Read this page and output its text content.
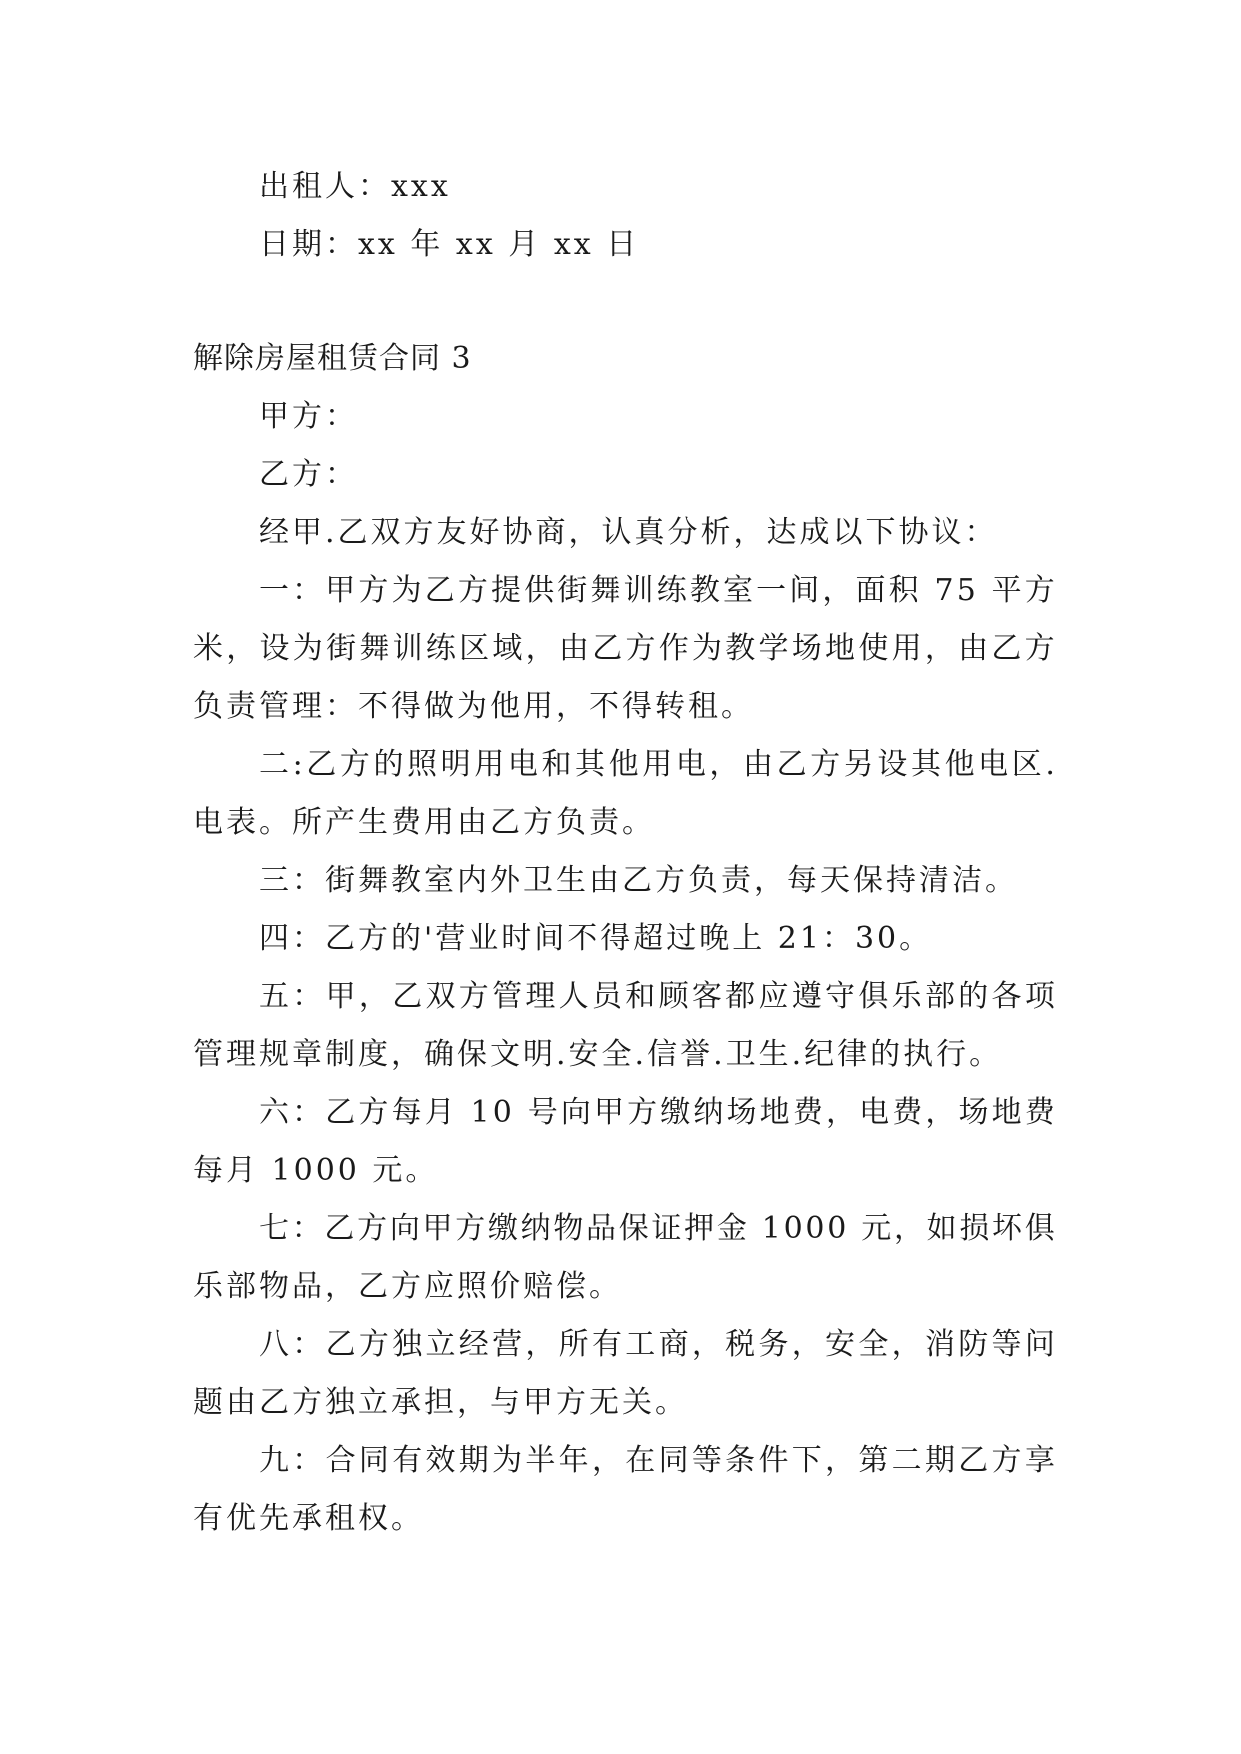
出租人：xxx
日期：xx 年 xx 月 xx 日
解除房屋租赁合同 3
甲方：
乙方：
经甲.乙双方友好协商，认真分析，达成以下协议：
一 ： 甲 方 为 乙 方 提 供 街 舞 训 练 教 室 一 间 ， 面 积
7 5
平 方
米 ， 设 为 街 舞 训 练 区 域 ， 由 乙 方 作 为 教 学 场 地 使 用 ， 由 乙 方
负责管理：不得做为他用，不得转租。
二 : 乙 方 的 照 明 用 电 和 其 他 用 电 ， 由 乙 方 另 设 其 他 电 区 .
电表。所产生费用由乙方负责。
三：街舞教室内外卫生由乙方负责，每天保持清洁。
四：乙方的'营业时间不得超过晚上 21：30。
五 ： 甲 ， 乙 双 方 管 理 人 员 和 顾 客 都 应 遵 守 俱 乐 部 的 各 项
管理规章制度，确保文明.安全.信誉.卫生.纪律的执行。
六 ： 乙 方 每 月
1 0
号 向 甲 方 缴 纳 场 地 费 ， 电 费 ， 场 地 费
每月 1000 元。
七 ： 乙 方 向 甲 方 缴 纳 物 品 保 证 押 金
1 0 0 0
元 ， 如 损 坏 俱
乐部物品，乙方应照价赔偿。
八 ： 乙 方 独 立 经 营 ， 所 有 工 商 ， 税 务 ， 安 全 ， 消 防 等 问
题由乙方独立承担，与甲方无关。
九 ： 合 同 有 效 期 为 半 年 ， 在 同 等 条 件 下 ， 第 二 期 乙 方 享
有优先承租权。
